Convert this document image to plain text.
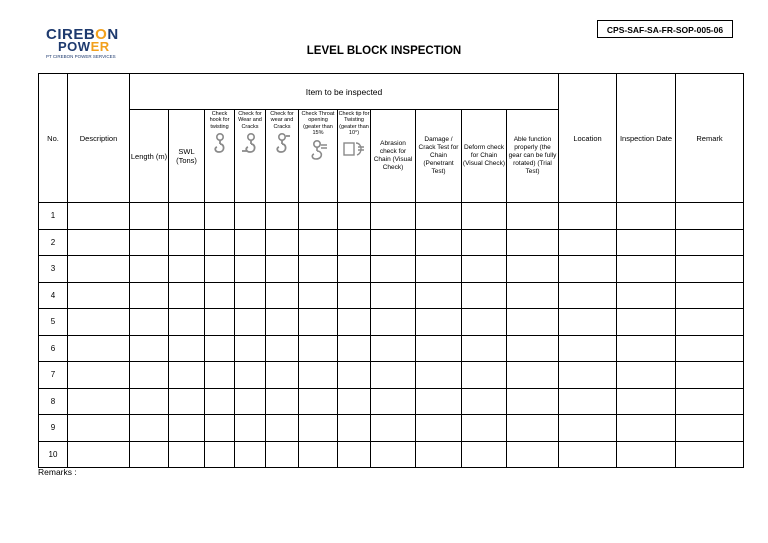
CIREBON
POWER
PT CIREBON POWER SERVICES
CPS-SAF-SA-FR-SOP-005-06
LEVEL BLOCK INSPECTION
No.	Description	Item to be inspected											Location	Inspection Date	Remark
		Length (m)	SWL (Tons)	Check hook for twisting	Check for Wear and Cracks	Check for wear and Cracks	Check Throat opening (geater than 15%	Check tip for Twisting (geater than 10°)	Abrasion check for Chain (Visual Check)	Damage / Crack Test for Chain (Penetrant Test)	Deform check for Chain (Visual Check)	Able function properly (the gear can be fully rotated) (Trial Test)			
1															
2															
3															
4															
5															
6															
7															
8															
9															
10															
Remarks :
